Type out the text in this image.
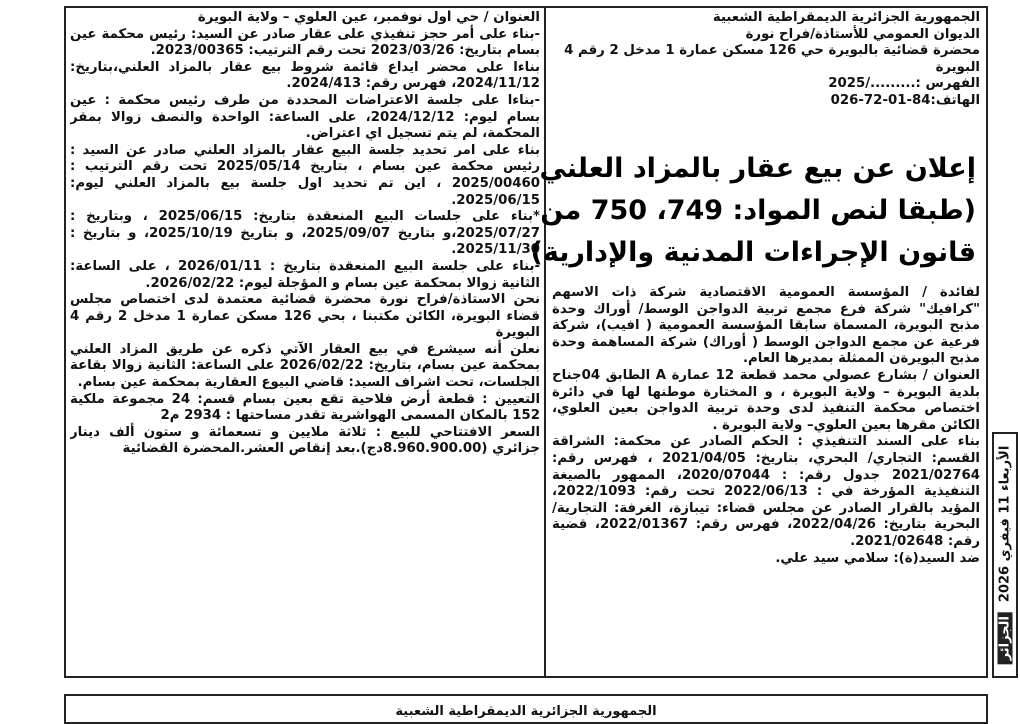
الجمهورية الجزائرية الديمقراطية الشعبية

الديوان العمومي للأستاذة/فراح نورة

محضرة قضائية بالبويرة حي 126 مسكن عمارة 1 مدخل 2 رقم 4 البويرة

الفهرس :........./2025

الهاتف:84-01-72-026

إعلان عن بيع عقار بالمزاد العلني
(طبقا لنص المواد: 749، 750 من
قانون الإجراءات المدنية والإدارية)

لفائدة / المؤسسة العمومية الاقتصادية شركة ذات الاسهم "كرافيك" شركة فرع مجمع تربية الدواجن الوسط/ أوراك وحدة مذبح البويرة، المسماة سابقا المؤسسة العمومية ( افيب)، شركة فرعية عن مجمع الدواجن الوسط ( أوراك) شركة المساهمة وحدة مذبح البويرةن الممثلة بمديرها العام.

العنوان / بشارع عصولي محمد قطعة 12 عمارة A الطابق 04جناح بلدية البويرة – ولاية البويرة ، و المختارة موطنها لها في دائرة اختصاص محكمة التنفيذ لدى وحدة تربية الدواجن بعين العلوي، الكائن مقرها بعين العلوي– ولاية البويرة .

بناء على السند التنفيذي : الحكم الصادر عن محكمة: الشراقة القسم: التجاري/ البحري، بتاريخ: 2021/04/05 ، فهرس رقم: 2021/02764 جدول رقم: : 2020/07044، الممهور بالصيغة التنفيذية المؤرخة في : 2022/06/13 تحت رقم: 2022/1093، المؤيد بالقرار الصادر عن مجلس قضاء: تيبازة، الغرفة: التجارية/البحرية بتاريخ: 2022/04/26، فهرس رقم: 2022/01367، قضية رقم: 2021/02648.

ضد السيد(ة): سلامي سيد علي.

العنوان / حي أول نوفمبر، عين العلوي – ولاية البويرة

-بناء على أمر حجز تنفيذي على عقار صادر عن السيد: رئيس محكمة عين بسام بتاريخ: 2023/03/26 تحت رقم الترتيب: 2023/00365.

بناءا على محضر ايداع قائمة شروط بيع عقار بالمزاد العلني،بتاريخ: 2024/11/12، فهرس رقم: 2024/413.

-بناءا على جلسة الاعتراضات المحددة من طرف رئيس محكمة : عين بسام ليوم: 2024/12/12، على الساعة: الواحدة والنصف زوالا بمقر المحكمة، لم يتم تسجيل اي اعتراض.

بناء على امر تحديد جلسة البيع عقار بالمزاد العلني صادر عن السيد : رئيس محكمة عين بسام ، بتاريخ 2025/05/14 تحت رقم الترتيب : 2025/00460 ، اين تم تحديد اول جلسة بيع بالمزاد العلني ليوم: 2025/06/15.

*بناء على جلسات البيع المنعقدة بتاريخ: 2025/06/15 ، وبتاريخ : 2025/07/27،و بتاريخ 2025/09/07، و بتاريخ 2025/10/19، و بتاريخ : 2025/11/30.

-بناء على جلسة البيع المنعقدة بتاريخ : 2026/01/11 ، على الساعة: الثانية زوالا بمحكمة عين بسام و المؤجلة ليوم: 2026/02/22.

نحن الاستاذة/فراح نورة محضرة قضائية معتمدة لدى اختصاص مجلس قضاء البويرة، الكائن مكتبنا ، بحي 126 مسكن عمارة 1 مدخل 2 رقم 4 البويرة

نعلن أنه سيشرع في بيع العقار الآتي ذكره عن طريق المزاد العلني بمحكمة عين بسام، بتاريخ: 2026/02/22 على الساعة: الثانية زوالا بقاعة الجلسات، تحت اشراف السيد: قاضي البيوع العقارية بمحكمة عين بسام.

التعيين : قطعة أرض فلاحية تقع بعين بسام قسم: 24 مجموعة ملكية 152 بالمكان المسمى الهواشرية تقدر مساحتها : 2934 م2

السعر الافتتاحي للبيع : ثلاثة ملايين و تسعمائة و ستون ألف دينار جزائري (8.960.900.00دج).بعد إنقاص العشر.المحضرة القضائية

الأربعاء 11 فيفري 2026
الجزائر
الجمهورية الجزائرية الديمقراطية الشعبية
